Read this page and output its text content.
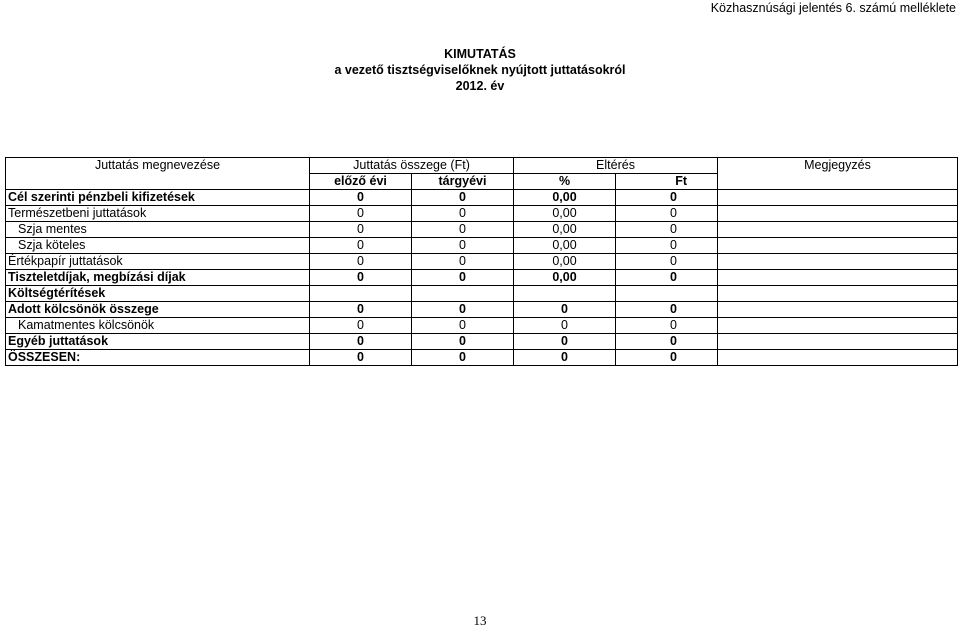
Közhasznúsági jelentés 6. számú melléklete
KIMUTATÁS
a vezető tisztségviselőknek nyújtott juttatásokról
2012. év
Juttatás megnevezése	Juttatás összege (Ft)		Eltérés		Megjegyzés
	előző évi	tárgyévi	%	Ft	
Cél szerinti pénzbeli kifizetések	0	0	0,00	0	
Természetbeni juttatások	0	0	0,00	0	
Szja mentes	0	0	0,00	0	
Szja köteles	0	0	0,00	0	
Értékpapír juttatások	0	0	0,00	0	
Tiszteletdíjak, megbízási díjak	0	0	0,00	0	
Költségtérítések					
Adott kölcsönök összege	0	0	0	0	
Kamatmentes kölcsönök	0	0	0	0	
Egyéb juttatások	0	0	0	0	
ÖSSZESEN:	0	0	0	0	
13
